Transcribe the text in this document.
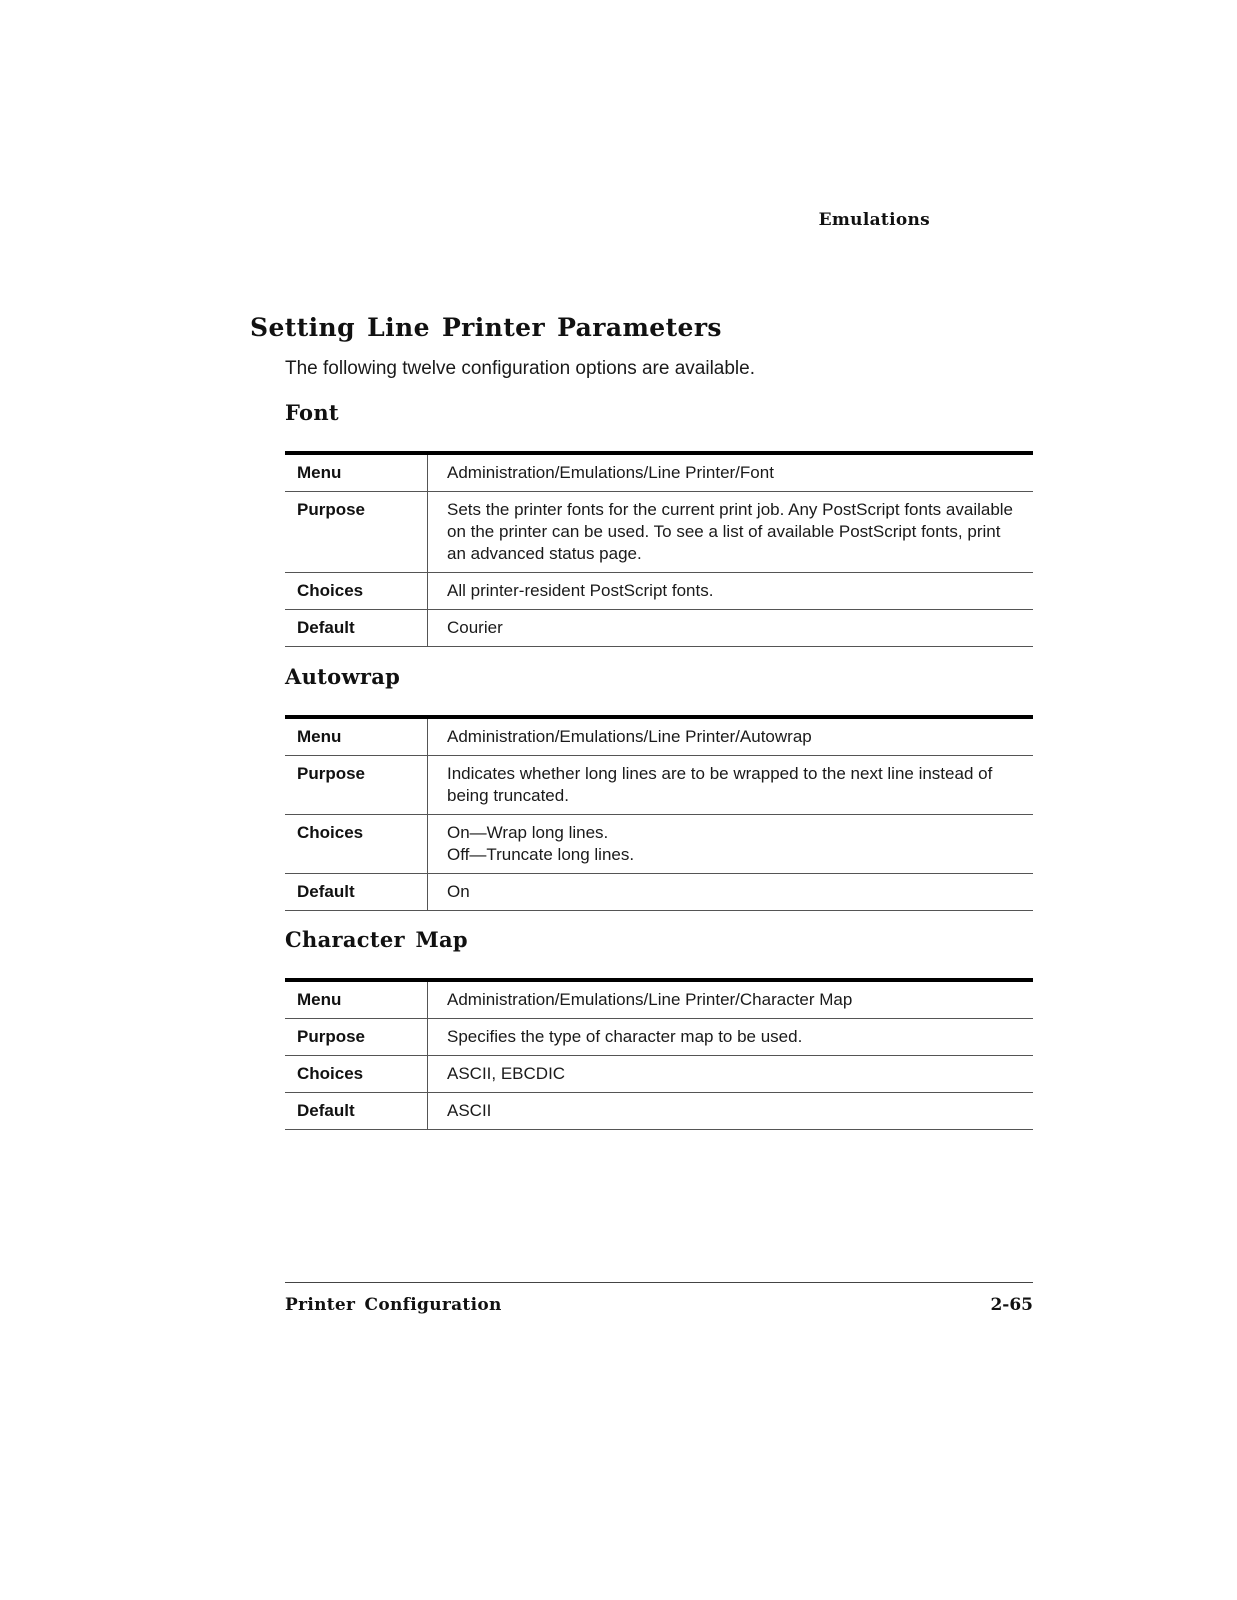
Emulations
Setting Line Printer Parameters

The following twelve configuration options are available.

Font
Menu	Administration/Emulations/Line Printer/Font
Purpose	Sets the printer fonts for the current print job. Any PostScript fonts available on the printer can be used. To see a list of available PostScript fonts, print an advanced status page.
Choices	All printer-resident PostScript fonts.
Default	Courier
Autowrap
Menu	Administration/Emulations/Line Printer/Autowrap
Purpose	Indicates whether long lines are to be wrapped to the next line instead of being truncated.
Choices	On—Wrap long lines.
Off—Truncate long lines.

Default	On
Character Map
Menu	Administration/Emulations/Line Printer/Character Map
Purpose	Specifies the type of character map to be used.
Choices	ASCII, EBCDIC
Default	ASCII
Printer Configuration	2-65
